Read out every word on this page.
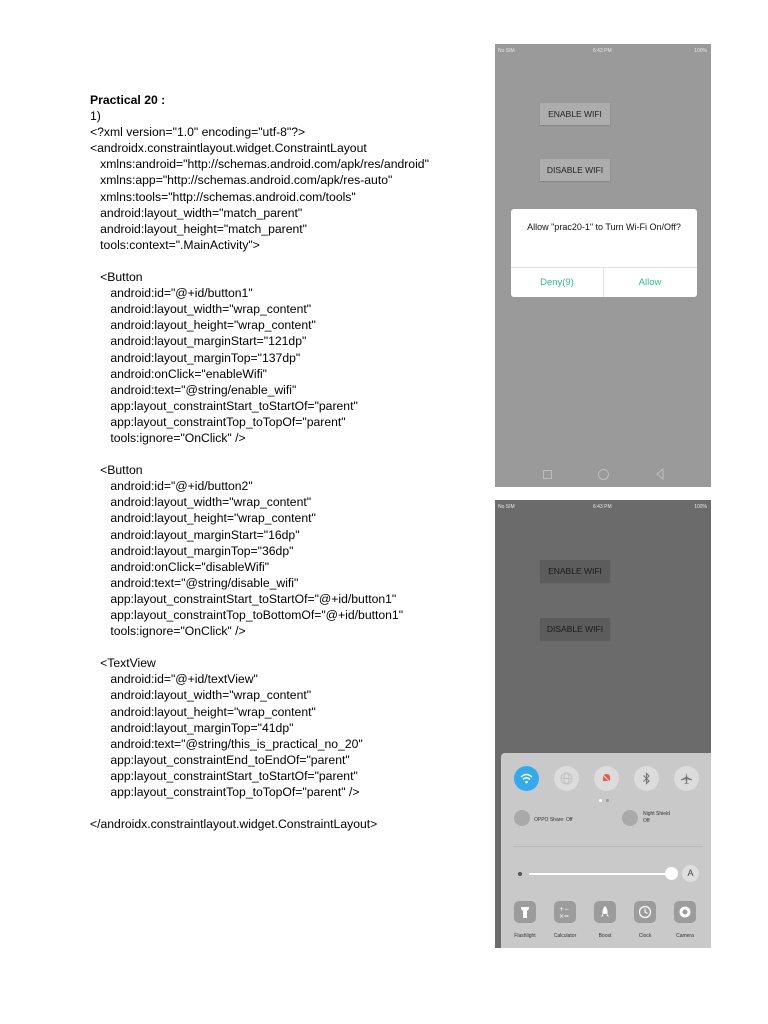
Practical 20 :
1)
<?xml version="1.0" encoding="utf-8"?>
<androidx.constraintlayout.widget.ConstraintLayout
xmlns:android="http://schemas.android.com/apk/res/android"
xmlns:app="http://schemas.android.com/apk/res-auto"
xmlns:tools="http://schemas.android.com/tools"
android:layout_width="match_parent"
android:layout_height="match_parent"
tools:context=".MainActivity">
<Button
android:id="@+id/button1"
android:layout_width="wrap_content"
android:layout_height="wrap_content"
android:layout_marginStart="121dp"
android:layout_marginTop="137dp"
android:onClick="enableWifi"
android:text="@string/enable_wifi"
app:layout_constraintStart_toStartOf="parent"
app:layout_constraintTop_toTopOf="parent"
tools:ignore="OnClick" />
<Button
android:id="@+id/button2"
android:layout_width="wrap_content"
android:layout_height="wrap_content"
android:layout_marginStart="16dp"
android:layout_marginTop="36dp"
android:onClick="disableWifi"
android:text="@string/disable_wifi"
app:layout_constraintStart_toStartOf="@+id/button1"
app:layout_constraintTop_toBottomOf="@+id/button1"
tools:ignore="OnClick" />
<TextView
android:id="@+id/textView"
android:layout_width="wrap_content"
android:layout_height="wrap_content"
android:layout_marginTop="41dp"
android:text="@string/this_is_practical_no_20"
app:layout_constraintEnd_toEndOf="parent"
app:layout_constraintStart_toStartOf="parent"
app:layout_constraintTop_toTopOf="parent" />
</androidx.constraintlayout.widget.ConstraintLayout>
No SIM	6:43 PM	100%
ENABLE WIFI
DISABLE WIFI
Allow "prac20-1" to Turn Wi-Fi On/Off?
Deny(9)	Allow
No SIM	6:43 PM	100%
ENABLE WIFI
DISABLE WIFI
OPPO Share: Off
Night Shield
Off
A
+−
×=
Flashlight	Calculator	Boost	Clock	Camera
